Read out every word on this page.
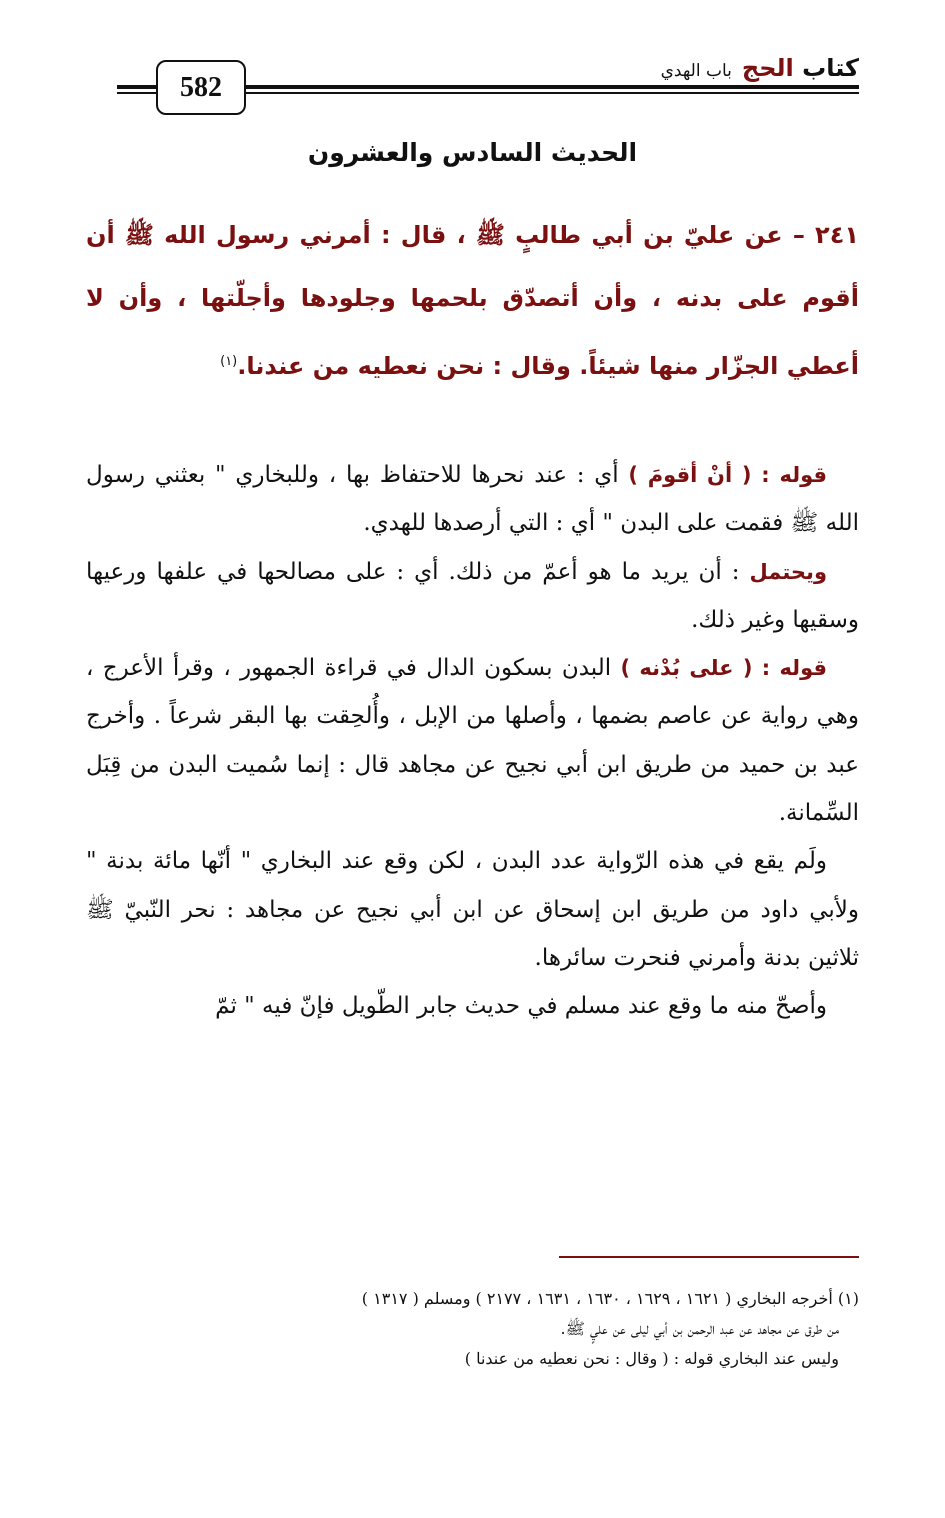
582
كتاب الحج
باب الهدي
الحديث السادس والعشرون
٢٤١ – عن عليّ بن أبي طالبٍ ﷺ ، قال : أمرني رسول الله ﷺ أن أقوم على بدنه ، وأن أتصدّق بلحمها وجلودها وأجلّتها ، وأن لا أعطي الجزّار منها شيئاً. وقال : نحن نعطيه من عندنا.$^{(١)}$

قوله : ( أنْ أقومَ ) أي : عند نحرها للاحتفاظ بها ، وللبخاري " بعثني رسول الله ﷺ فقمت على البدن " أي : التي أرصدها للهدي.

ويحتمل : أن يريد ما هو أعمّ من ذلك. أي : على مصالحها في علفها ورعيها وسقيها وغير ذلك.

قوله : ( على بُدْنه ) البدن بسكون الدال في قراءة الجمهور ، وقرأ الأعرج ، وهي رواية عن عاصم بضمها ، وأصلها من الإبل ، وأُلحِقت بها البقر شرعاً . وأخرج عبد بن حميد من طريق ابن أبي نجيح عن مجاهد قال : إنما سُميت البدن من قِبَل السِّمانة.

ولَم يقع في هذه الرّواية عدد البدن ، لكن وقع عند البخاري " أنّها مائة بدنة " ولأبي داود من طريق ابن إسحاق عن ابن أبي نجيح عن مجاهد : نحر النّبيّ ﷺ ثلاثين بدنة وأمرني فنحرت سائرها.

وأصحّ منه ما وقع عند مسلم في حديث جابر الطّويل فإنّ فيه " ثمّ

(١) أخرجه البخاري ( ١٦٢١ ، ١٦٢٩ ، ١٦٣٠ ، ١٦٣١ ، ٢١٧٧ ) ومسلم ( ١٣١٧ )

من طرق عن مجاهد عن عبد الرحمن بن أبي ليلى عن عليٍ ﷺ.

وليس عند البخاري قوله : ( وقال : نحن نعطيه من عندنا )
